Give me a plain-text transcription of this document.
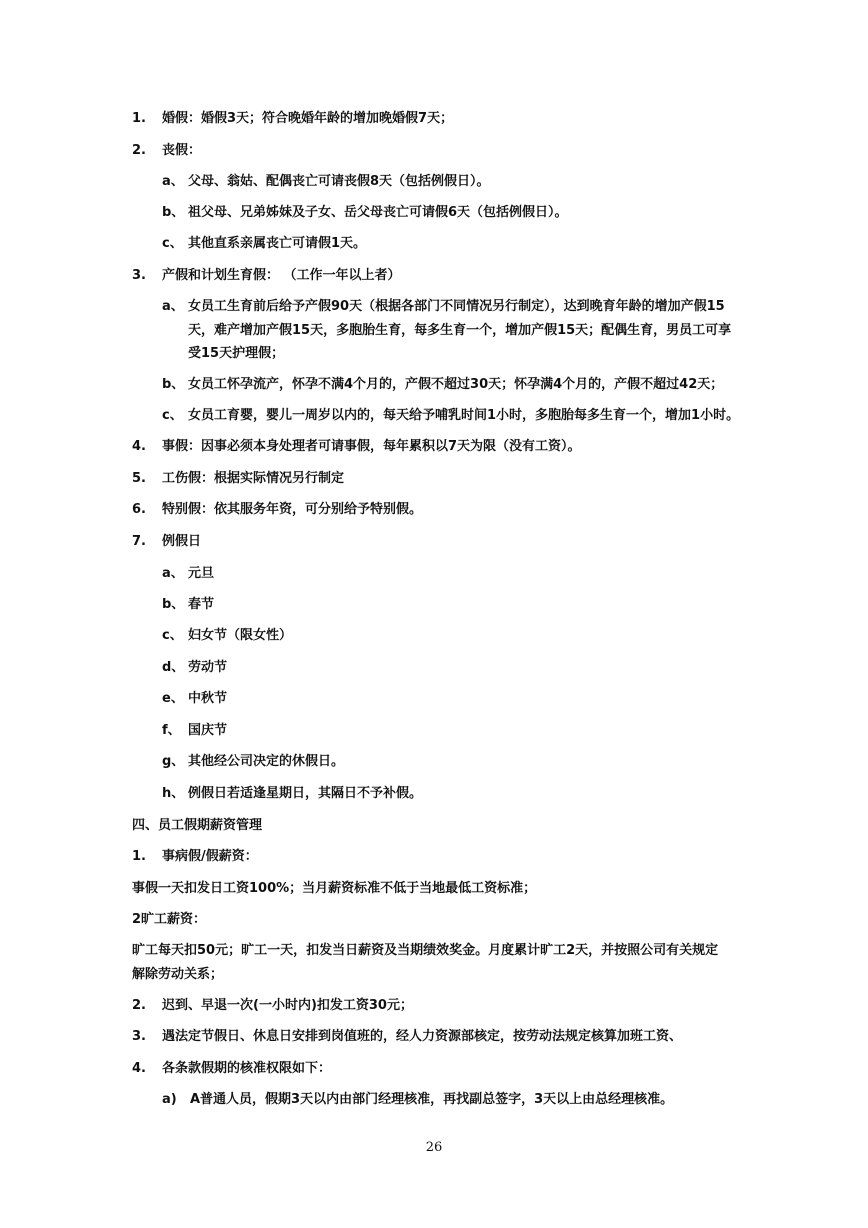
1. 婚假：婚假3天；符合晚婚年龄的增加晚婚假7天；
2. 丧假：
a、 父母、翁姑、配偶丧亡可请丧假8天（包括例假日）。
b、 祖父母、兄弟姊妹及子女、岳父母丧亡可请假6天（包括例假日）。
c、 其他直系亲属丧亡可请假1天。
3. 产假和计划生育假： （工作一年以上者）
a、 女员工生育前后给予产假90天（根据各部门不同情况另行制定），达到晚育年龄的增加产假15
天，难产增加产假15天，多胞胎生育，每多生育一个，增加产假15天；配偶生育，男员工可享
受15天护理假；
b、 女员工怀孕流产，怀孕不满4个月的，产假不超过30天；怀孕满4个月的，产假不超过42天；
c、 女员工育婴，婴儿一周岁以内的，每天给予哺乳时间1小时，多胞胎每多生育一个，增加1小时。
4. 事假：因事必须本身处理者可请事假，每年累积以7天为限（没有工资）。
5. 工伤假：根据实际情况另行制定
6. 特别假：依其服务年资，可分别给予特别假。
7. 例假日
a、 元旦
b、 春节
c、 妇女节（限女性）
d、 劳动节
e、 中秋节
f、 国庆节
g、 其他经公司决定的休假日。
h、 例假日若适逢星期日，其隔日不予补假。
四、员工假期薪资管理
1. 事病假/假薪资：
事假一天扣发日工资100%；当月薪资标准不低于当地最低工资标准；
2旷工薪资：
旷工每天扣50元；旷工一天，扣发当日薪资及当期绩效奖金。月度累计旷工2天，并按照公司有关规定
解除劳动关系；
2. 迟到、早退一次(一小时内)扣发工资30元；
3. 遇法定节假日、休息日安排到岗值班的，经人力资源部核定，按劳动法规定核算加班工资、
4. 各条款假期的核准权限如下：
a) A普通人员，假期3天以内由部门经理核准，再找副总签字，3天以上由总经理核准。
26
